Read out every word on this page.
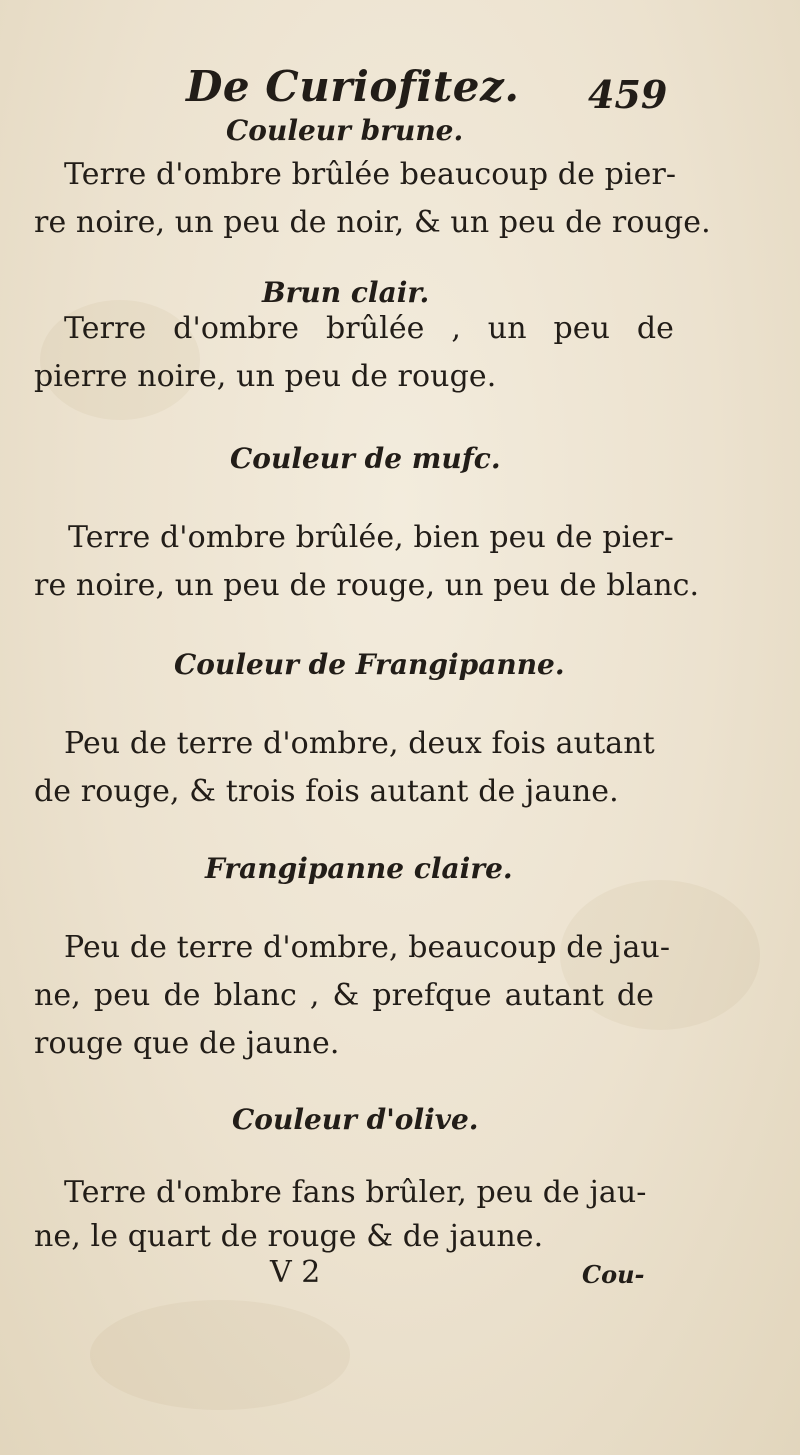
De Curiofitez. 459

Couleur brune.

Terre d'ombre brûlée beaucoup de pier-

re noire, un peu de noir, & un peu de rouge.

Brun clair.

Terre d'ombre brûlée , un peu de

pierre noire, un peu de rouge.

Couleur de mufc.

Terre d'ombre brûlée, bien peu de pier-

re noire, un peu de rouge, un peu de blanc.

Couleur de Frangipanne.

Peu de terre d'ombre, deux fois autant

de rouge, & trois fois autant de jaune.

Frangipanne claire.

Peu de terre d'ombre, beaucoup de jau-

ne, peu de blanc , & prefque autant de

rouge que de jaune.

Couleur d'olive.

Terre d'ombre fans brûler, peu de jau-

ne, le quart de rouge & de jaune.

V 2	Cou-
